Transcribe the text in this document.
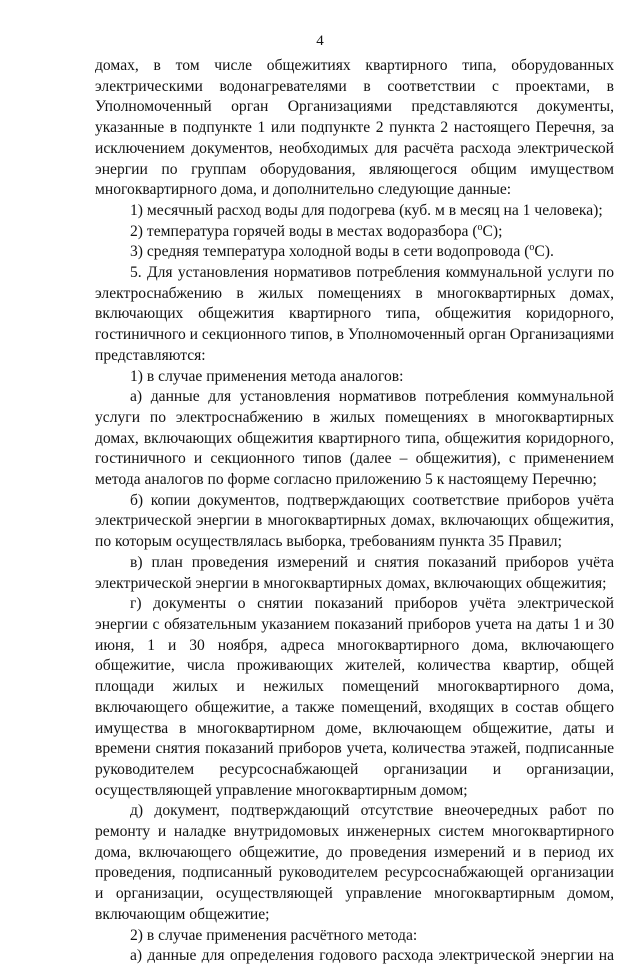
4

домах, в том числе общежитиях квартирного типа, оборудованных электрическими водонагревателями в соответствии с проектами, в Уполномоченный орган Организациями представляются документы, указанные в подпункте 1 или подпункте 2 пункта 2 настоящего Перечня, за исключением документов, необходимых для расчёта расхода электрической энергии по группам оборудования, являющегося общим имуществом многоквартирного дома, и дополнительно следующие данные:

1) месячный расход воды для подогрева (куб. м в месяц на 1 человека);

2) температура горячей воды в местах водоразбора ($^o$С);

3) средняя температура холодной воды в сети водопровода ($^o$С).

5. Для установления нормативов потребления коммунальной услуги по электроснабжению в жилых помещениях в многоквартирных домах, включающих общежития квартирного типа, общежития коридорного, гостиничного и секционного типов, в Уполномоченный орган Организациями представляются:

1) в случае применения метода аналогов:

а) данные для установления нормативов потребления коммунальной услуги по электроснабжению в жилых помещениях в многоквартирных домах, включающих общежития квартирного типа, общежития коридорного, гостиничного и секционного типов (далее – общежития), с применением метода аналогов по форме согласно приложению 5 к настоящему Перечню;

б) копии документов, подтверждающих соответствие приборов учёта электрической энергии в многоквартирных домах, включающих общежития, по которым осуществлялась выборка, требованиям пункта 35 Правил;

в) план проведения измерений и снятия показаний приборов учёта электрической энергии в многоквартирных домах, включающих общежития;

г) документы о снятии показаний приборов учёта электрической энергии с обязательным указанием показаний приборов учета на даты 1 и 30 июня, 1 и 30 ноября, адреса многоквартирного дома, включающего общежитие, числа проживающих жителей, количества квартир, общей площади жилых и нежилых помещений многоквартирного дома, включающего общежитие, а также помещений, входящих в состав общего имущества в многоквартирном доме, включающем общежитие, даты и времени снятия показаний приборов учета, количества этажей, подписанные руководителем ресурсоснабжающей организации и организации, осуществляющей управление многоквартирным домом;

д) документ, подтверждающий отсутствие внеочередных работ по ремонту и наладке внутридомовых инженерных систем многоквартирного дома, включающего общежитие, до проведения измерений и в период их проведения, подписанный руководителем ресурсоснабжающей организации и организации, осуществляющей управление многоквартирным домом, включающим общежитие;

2) в случае применения расчётного метода:

а) данные для определения годового расхода электрической энергии на
